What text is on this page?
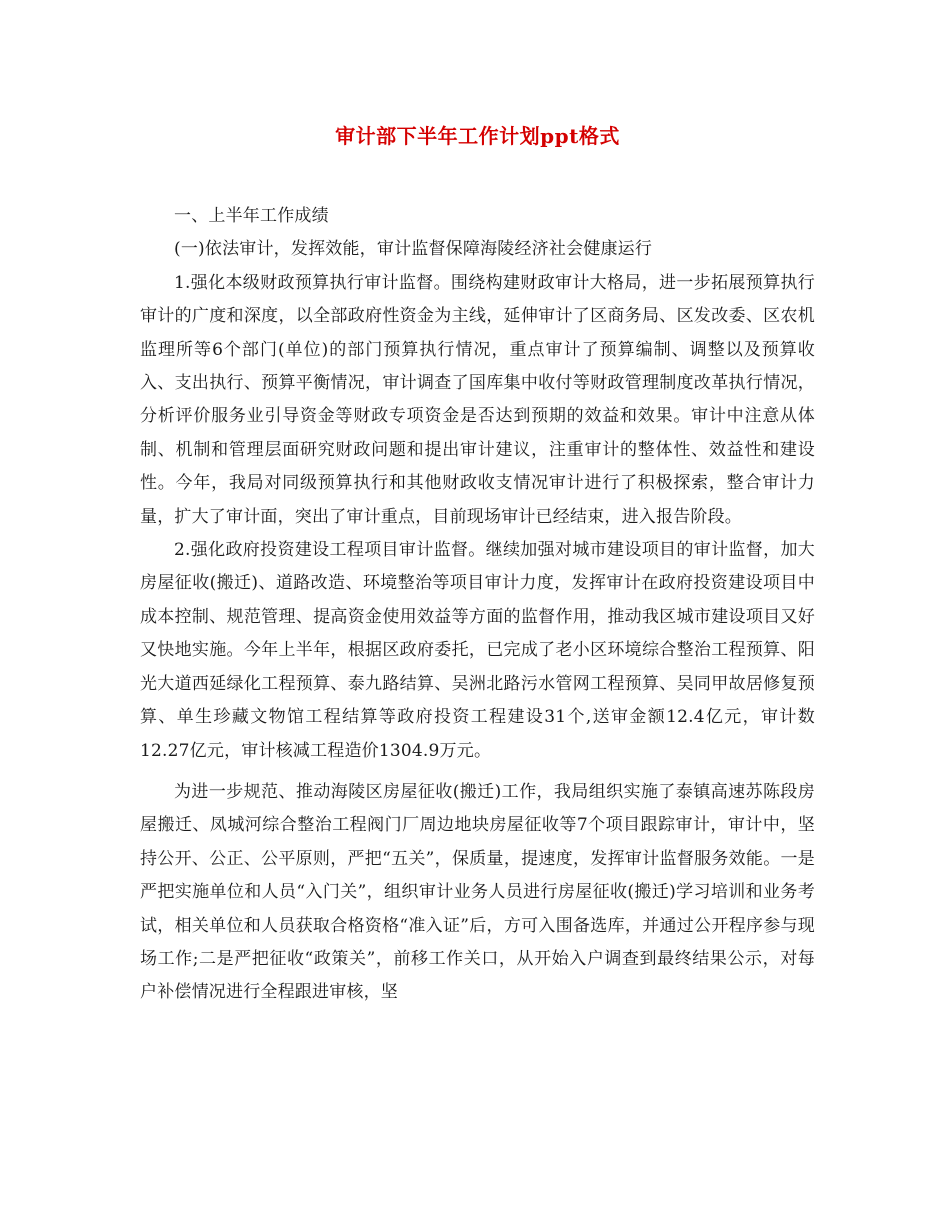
审计部下半年工作计划ppt格式

一、上半年工作成绩

(一)依法审计，发挥效能，审计监督保障海陵经济社会健康运行

1.强化本级财政预算执行审计监督。围绕构建财政审计大格局，进一步拓展预算执行审计的广度和深度，以全部政府性资金为主线，延伸审计了区商务局、区发改委、区农机监理所等6个部门(单位)的部门预算执行情况，重点审计了预算编制、调整以及预算收入、支出执行、预算平衡情况，审计调查了国库集中收付等财政管理制度改革执行情况，分析评价服务业引导资金等财政专项资金是否达到预期的效益和效果。审计中注意从体制、机制和管理层面研究财政问题和提出审计建议，注重审计的整体性、效益性和建设性。今年，我局对同级预算执行和其他财政收支情况审计进行了积极探索，整合审计力量，扩大了审计面，突出了审计重点，目前现场审计已经结束，进入报告阶段。

2.强化政府投资建设工程项目审计监督。继续加强对城市建设项目的审计监督，加大房屋征收(搬迁)、道路改造、环境整治等项目审计力度，发挥审计在政府投资建设项目中成本控制、规范管理、提高资金使用效益等方面的监督作用，推动我区城市建设项目又好又快地实施。今年上半年，根据区政府委托，已完成了老小区环境综合整治工程预算、阳光大道西延绿化工程预算、泰九路结算、吴洲北路污水管网工程预算、吴同甲故居修复预算、单生珍藏文物馆工程结算等政府投资工程建设31个,送审金额12.4亿元，审计数12.27亿元，审计核减工程造价1304.9万元。

为进一步规范、推动海陵区房屋征收(搬迁)工作，我局组织实施了泰镇高速苏陈段房屋搬迁、凤城河综合整治工程阀门厂周边地块房屋征收等7个项目跟踪审计，审计中，坚持公开、公正、公平原则，严把“五关”，保质量，提速度，发挥审计监督服务效能。一是严把实施单位和人员“入门关”，组织审计业务人员进行房屋征收(搬迁)学习培训和业务考试，相关单位和人员获取合格资格“准入证”后，方可入围备选库，并通过公开程序参与现场工作;二是严把征收“政策关”，前移工作关口，从开始入户调查到最终结果公示，对每户补偿情况进行全程跟进审核，坚
